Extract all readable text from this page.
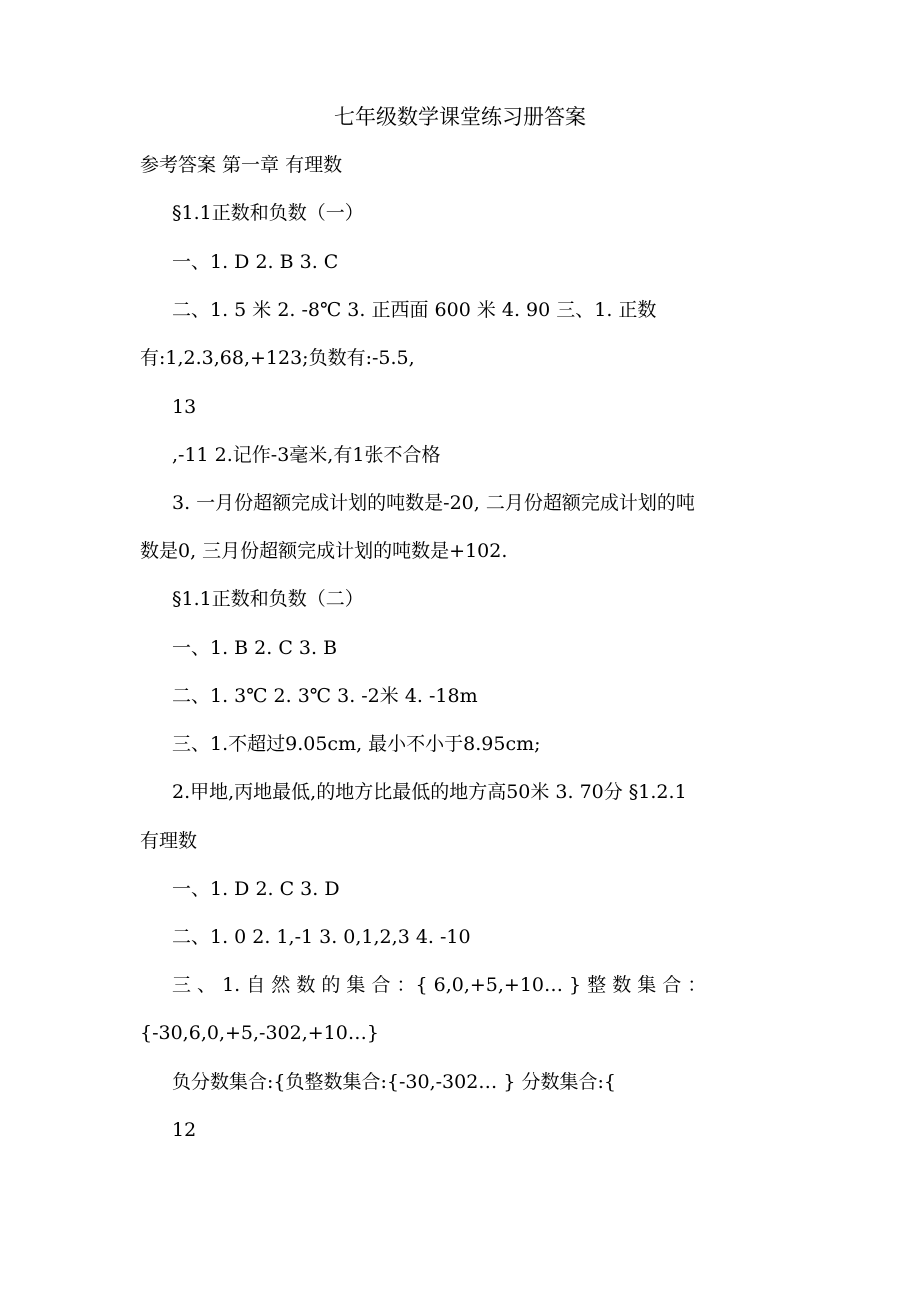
七年级数学课堂练习册答案
参考答案 第一章 有理数
§1.1正数和负数（一）
一、1. D 2. B 3. C
二、1. 5 米 2. -8℃ 3. 正西面 600 米 4. 90 三、1. 正数
有:1,2.3,68,+123;负数有:-5.5,
13
,-11 2.记作-3毫米,有1张不合格
3. 一月份超额完成计划的吨数是-20, 二月份超额完成计划的吨
数是0, 三月份超额完成计划的吨数是+102.
§1.1正数和负数（二）
一、1. B 2. C 3. B
二、1. 3℃ 2. 3℃ 3. -2米 4. -18m
三、1.不超过9.05cm, 最小不小于8.95cm;
2.甲地,丙地最低,的地方比最低的地方高50米 3. 70分 §1.2.1
有理数
一、1. D 2. C 3. D
二、1. 0 2. 1,-1 3. 0,1,2,3 4. -10
三 、 1. 自 然 数 的 集 合 ：{ 6,0,+5,+10… } 整 数 集 合 ：
{-30,6,0,+5,-302,+10…}
负分数集合:{负整数集合:{-30,-302… } 分数集合:{
12
